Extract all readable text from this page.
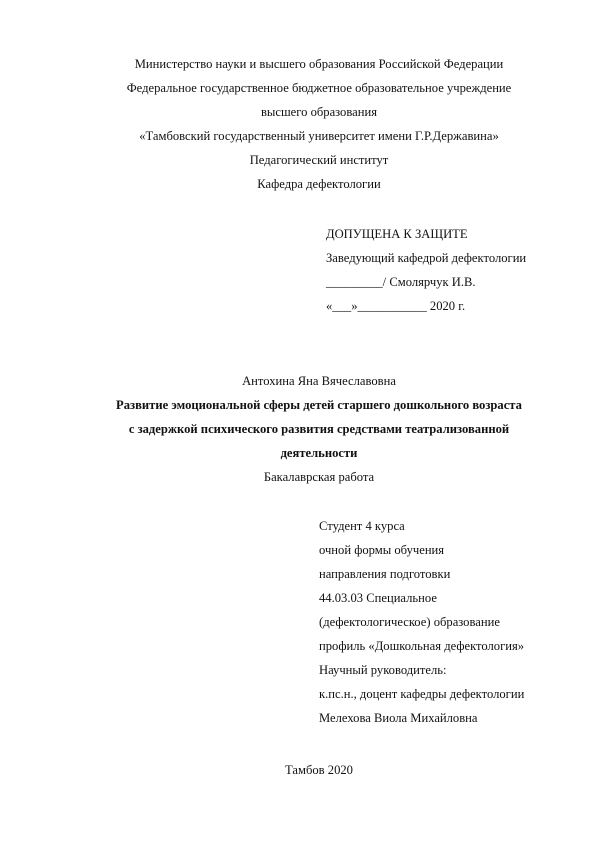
Министерство науки и высшего образования Российской Федерации
Федеральное государственное бюджетное образовательное учреждение
высшего образования
«Тамбовский государственный университет имени Г.Р.Державина»
Педагогический институт
Кафедра дефектологии
ДОПУЩЕНА К ЗАЩИТЕ
Заведующий кафедрой дефектологии
_________/ Смолярчук И.В.
«___»___________ 2020 г.
Антохина Яна Вячеславовна
Развитие эмоциональной сферы детей старшего дошкольного возраста
с задержкой психического развития средствами театрализованной
деятельности
Бакалаврская работа
Студент 4 курса
очной формы обучения
направления подготовки
44.03.03 Специальное
(дефектологическое) образование
профиль «Дошкольная дефектология»
Научный руководитель:
к.пс.н., доцент кафедры дефектологии
Мелехова Виола Михайловна
Тамбов 2020
